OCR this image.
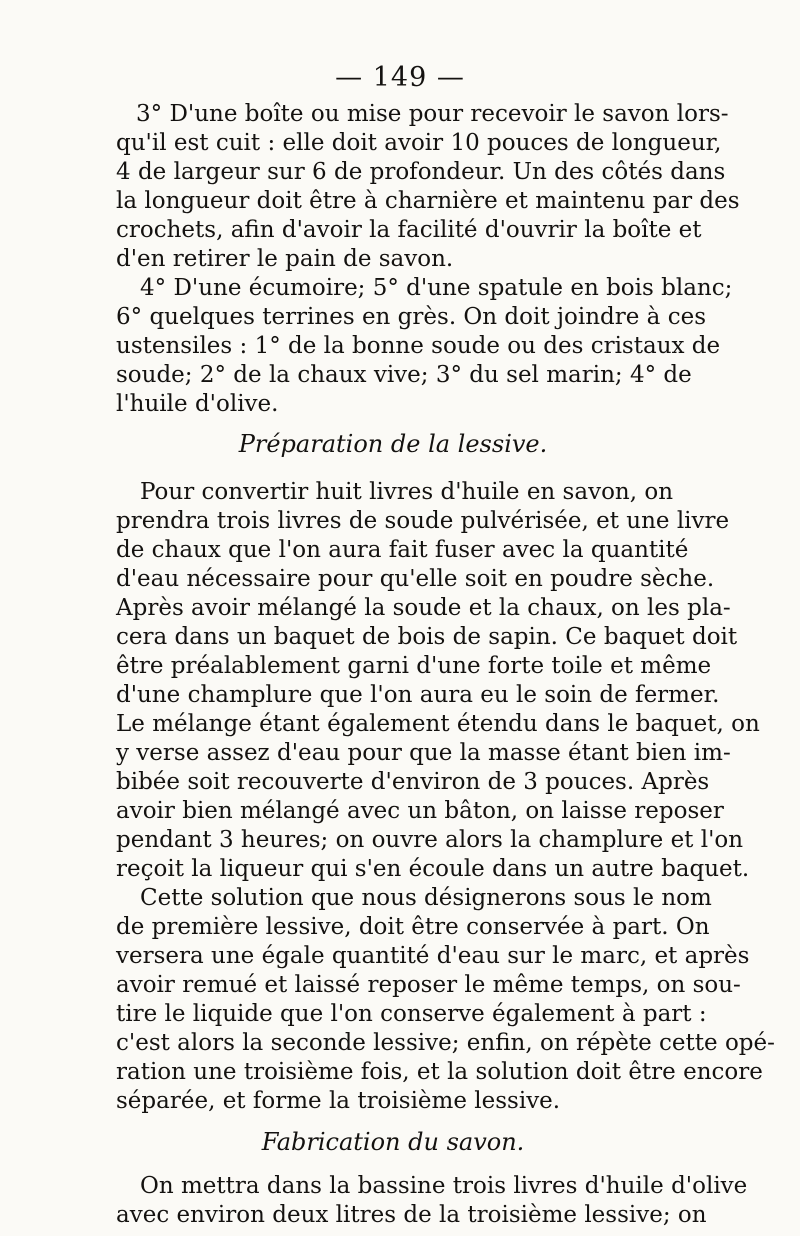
— 149 —
3° D'une boîte ou mise pour recevoir le savon lors-
qu'il est cuit : elle doit avoir 10 pouces de longueur,
4 de largeur sur 6 de profondeur. Un des côtés dans
la longueur doit être à charnière et maintenu par des
crochets, afin d'avoir la facilité d'ouvrir la boîte et
d'en retirer le pain de savon.
4° D'une écumoire; 5° d'une spatule en bois blanc;
6° quelques terrines en grès. On doit joindre à ces
ustensiles : 1° de la bonne soude ou des cristaux de
soude; 2° de la chaux vive; 3° du sel marin; 4° de
l'huile d'olive.
Préparation de la lessive.
Pour convertir huit livres d'huile en savon, on
prendra trois livres de soude pulvérisée, et une livre
de chaux que l'on aura fait fuser avec la quantité
d'eau nécessaire pour qu'elle soit en poudre sèche.
Après avoir mélangé la soude et la chaux, on les pla-
cera dans un baquet de bois de sapin. Ce baquet doit
être préalablement garni d'une forte toile et même
d'une champlure que l'on aura eu le soin de fermer.
Le mélange étant également étendu dans le baquet, on
y verse assez d'eau pour que la masse étant bien im-
bibée soit recouverte d'environ de 3 pouces. Après
avoir bien mélangé avec un bâton, on laisse reposer
pendant 3 heures; on ouvre alors la champlure et l'on
reçoit la liqueur qui s'en écoule dans un autre baquet.
Cette solution que nous désignerons sous le nom
de première lessive, doit être conservée à part. On
versera une égale quantité d'eau sur le marc, et après
avoir remué et laissé reposer le même temps, on sou-
tire le liquide que l'on conserve également à part :
c'est alors la seconde lessive; enfin, on répète cette opé-
ration une troisième fois, et la solution doit être encore
séparée, et forme la troisième lessive.
Fabrication du savon.
On mettra dans la bassine trois livres d'huile d'olive
avec environ deux litres de la troisième lessive; on
